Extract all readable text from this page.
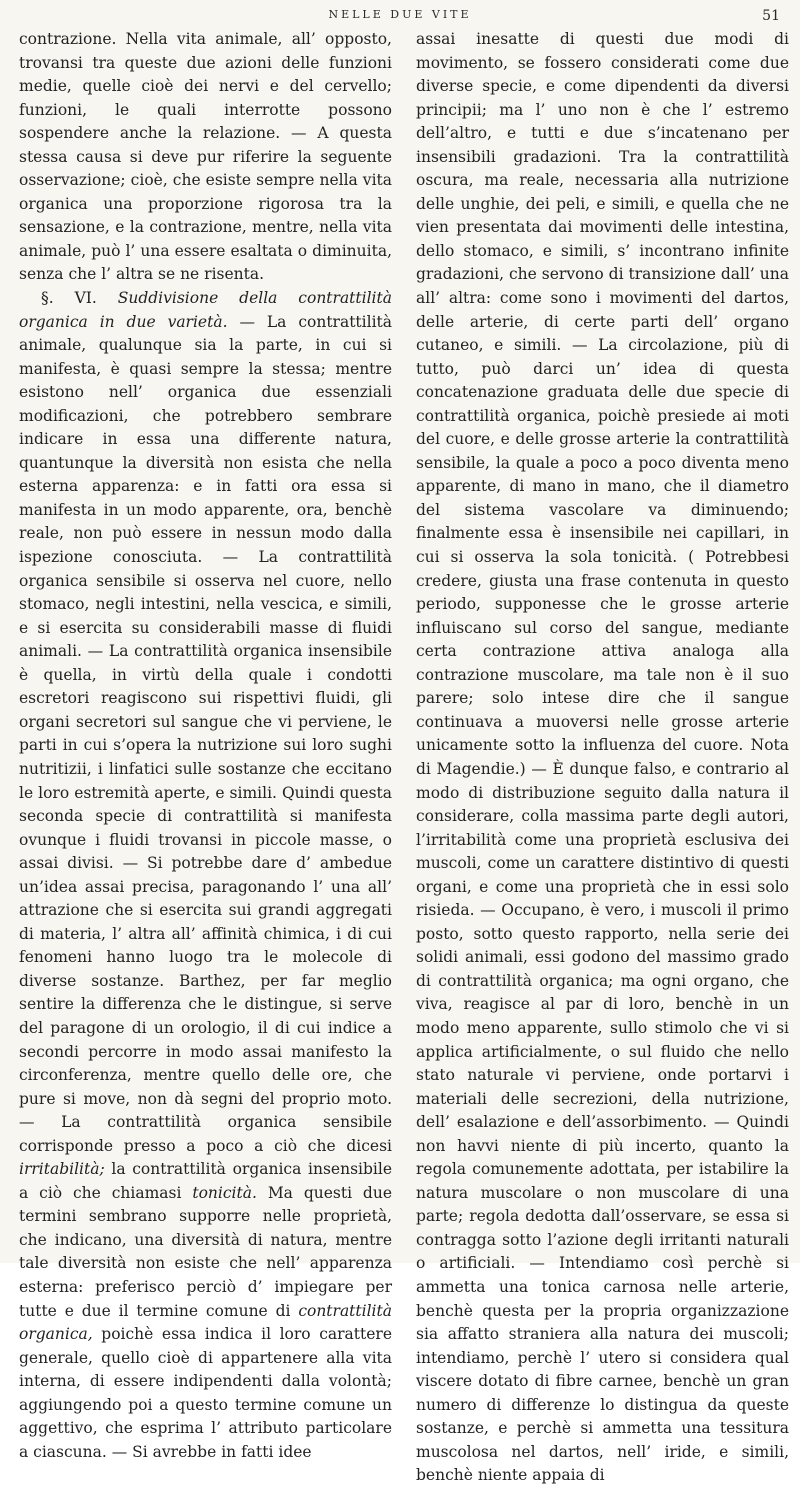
NELLE DUE VITE	51

contrazione. Nella vita animale, all’ opposto, trovansi tra queste due azioni delle funzioni medie, quelle cioè dei nervi e del cervello; funzioni, le quali interrotte possono sospendere anche la relazione. — A questa stessa causa si deve pur riferire la seguente osservazione; cioè, che esiste sempre nella vita organica una proporzione rigorosa tra la sensazione, e la contrazione, mentre, nella vita animale, può l’ una essere esaltata o diminuita, senza che l’ altra se ne risenta.

§. VI. Suddivisione della contrattilità organica in due varietà. — La contrattilità animale, qualunque sia la parte, in cui si manifesta, è quasi sempre la stessa; mentre esistono nell’ organica due essenziali modificazioni, che potrebbero sembrare indicare in essa una differente natura, quantunque la diversità non esista che nella esterna apparenza: e in fatti ora essa si manifesta in un modo apparente, ora, benchè reale, non può essere in nessun modo dalla ispezione conosciuta. — La contrattilità organica sensibile si osserva nel cuore, nello stomaco, negli intestini, nella vescica, e simili, e si esercita su considerabili masse di fluidi animali. — La contrattilità organica insensibile è quella, in virtù della quale i condotti escretori reagiscono sui rispettivi fluidi, gli organi secretori sul sangue che vi perviene, le parti in cui s’opera la nutrizione sui loro sughi nutritizii, i linfatici sulle sostanze che eccitano le loro estremità aperte, e simili. Quindi questa seconda specie di contrattilità si manifesta ovunque i fluidi trovansi in piccole masse, o assai divisi. — Si potrebbe dare d’ ambedue un’idea assai precisa, paragonando l’ una all’ attrazione che si esercita sui grandi aggregati di materia, l’ altra all’ affinità chimica, i di cui fenomeni hanno luogo tra le molecole di diverse sostanze. Barthez, per far meglio sentire la differenza che le distingue, si serve del paragone di un orologio, il di cui indice a secondi percorre in modo assai manifesto la circonferenza, mentre quello delle ore, che pure si move, non dà segni del proprio moto. — La contrattilità organica sensibile corrisponde presso a poco a ciò che dicesi irritabilità; la contrattilità organica insensibile a ciò che chiamasi tonicità. Ma questi due termini sembrano supporre nelle proprietà, che indicano, una diversità di natura, mentre tale diversità non esiste che nell’ apparenza esterna: preferisco perciò d’ impiegare per tutte e due il termine comune di contrattilità organica, poichè essa indica il loro carattere generale, quello cioè di appartenere alla vita interna, di essere indipendenti dalla volontà; aggiungendo poi a questo termine comune un aggettivo, che esprima l’ attributo particolare a ciascuna. — Si avrebbe in fatti idee

assai inesatte di questi due modi di movimento, se fossero considerati come due diverse specie, e come dipendenti da diversi principii; ma l’ uno non è che l’ estremo dell’altro, e tutti e due s’incatenano per insensibili gradazioni. Tra la contrattilità oscura, ma reale, necessaria alla nutrizione delle unghie, dei peli, e simili, e quella che ne vien presentata dai movimenti delle intestina, dello stomaco, e simili, s’ incontrano infinite gradazioni, che servono di transizione dall’ una all’ altra: come sono i movimenti del dartos, delle arterie, di certe parti dell’ organo cutaneo, e simili. — La circolazione, più di tutto, può darci un’ idea di questa concatenazione graduata delle due specie di contrattilità organica, poichè presiede ai moti del cuore, e delle grosse arterie la contrattilità sensibile, la quale a poco a poco diventa meno apparente, di mano in mano, che il diametro del sistema vascolare va diminuendo; finalmente essa è insensibile nei capillari, in cui si osserva la sola tonicità. ( Potrebbesi credere, giusta una frase contenuta in questo periodo, supponesse che le grosse arterie influiscano sul corso del sangue, mediante certa contrazione attiva analoga alla contrazione muscolare, ma tale non è il suo parere; solo intese dire che il sangue continuava a muoversi nelle grosse arterie unicamente sotto la influenza del cuore. Nota di Magendie.) — È dunque falso, e contrario al modo di distribuzione seguito dalla natura il considerare, colla massima parte degli autori, l’irritabilità come una proprietà esclusiva dei muscoli, come un carattere distintivo di questi organi, e come una proprietà che in essi solo risieda. — Occupano, è vero, i muscoli il primo posto, sotto questo rapporto, nella serie dei solidi animali, essi godono del massimo grado di contrattilità organica; ma ogni organo, che viva, reagisce al par di loro, benchè in un modo meno apparente, sullo stimolo che vi si applica artificialmente, o sul fluido che nello stato naturale vi perviene, onde portarvi i materiali delle secrezioni, della nutrizione, dell’ esalazione e dell’assorbimento. — Quindi non havvi niente di più incerto, quanto la regola comunemente adottata, per istabilire la natura muscolare o non muscolare di una parte; regola dedotta dall’osservare, se essa si contragga sotto l’azione degli irritanti naturali o artificiali. — Intendiamo così perchè si ammetta una tonica carnosa nelle arterie, benchè questa per la propria organizzazione sia affatto straniera alla natura dei muscoli; intendiamo, perchè l’ utero si considera qual viscere dotato di fibre carnee, benchè un gran numero di differenze lo distingua da queste sostanze, e perchè si ammetta una tessitura muscolosa nel dartos, nell’ iride, e simili, benchè niente appaia di
